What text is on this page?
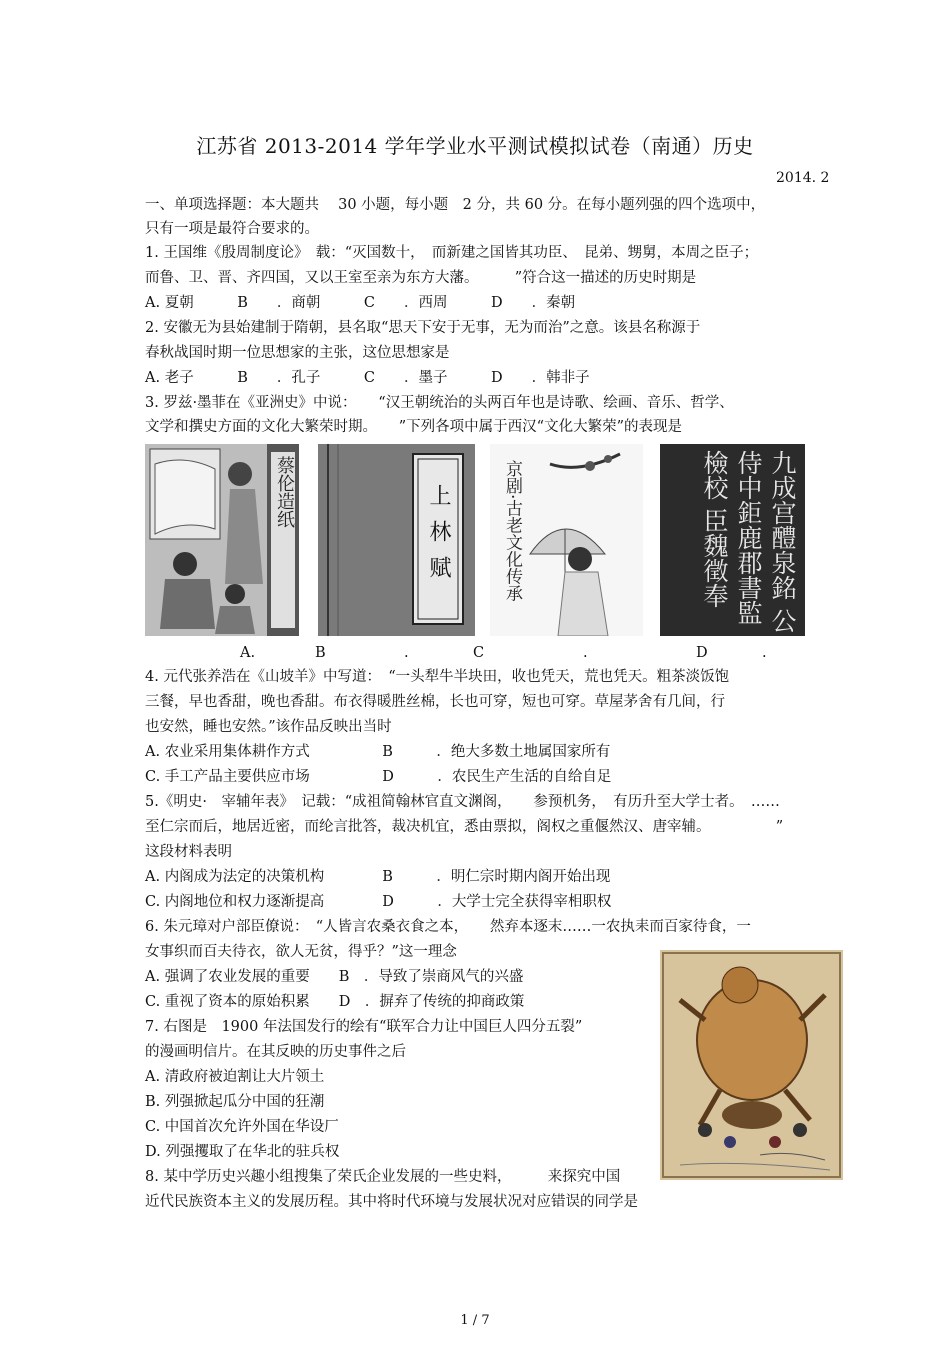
江苏省 2013-2014 学年学业水平测试模拟试卷（南通）历史
2014. 2
一、单项选择题：本大题共　 30 小题，每小题　2 分，共 60 分。在每小题列强的四个选项中，
只有一项是最符合要求的。
1. 王国维《殷周制度论》　载：“灭国数十，　而新建之国皆其功臣、　昆弟、甥舅，本周之臣子；
而鲁、卫、晋、齐四国，又以王室至亲为东方大藩。　　　”符合这一描述的历史时期是
A. 夏朝　　　B　　．商朝　　　C　　．西周　　　D　　．秦朝
2. 安徽无为县始建制于隋朝，县名取“思天下安于无事，无为而治”之意。该县名称源于
春秋战国时期一位思想家的主张，这位思想家是
A. 老子　　　B　　．孔子　　　C　　．墨子　　　D　　．韩非子
3. 罗兹·墨菲在《亚洲史》中说：　　“汉王朝统治的头两百年也是诗歌、绘画、音乐、哲学、
文学和撰史方面的文化大繁荣时期。　　”下列各项中属于西汉“文化大繁荣”的表现是
蔡伦造纸	上林赋	京剧·古老文化传承	九成宫醴泉銘 公侍中鉅鹿郡書監檢校 臣魏徵奉
A.	B	.	C	.	D	.
4. 元代张养浩在《山坡羊》中写道：　“一头犁牛半块田，收也凭天，荒也凭天。粗茶淡饭饱
三餐，早也香甜，晚也香甜。布衣得暖胜丝棉，长也可穿，短也可穿。草屋茅舍有几间，行
也安然，睡也安然。”该作品反映出当时
A. 农业采用集体耕作方式　　　　　B　　　．绝大多数土地属国家所有
C. 手工产品主要供应市场　　　　　D　　　．农民生产生活的自给自足
5.《明史·　宰辅年表》　记载：“成祖简翰林官直文渊阁，　　参预机务，　有历升至大学士者。　……
至仁宗而后，地居近密，而纶言批答，裁决机宜，悉由票拟，阁权之重偃然汉、唐宰辅。　　　　　”
这段材料表明
A. 内阁成为法定的决策机构　　　　B　　　．明仁宗时期内阁开始出现
C. 内阁地位和权力逐渐提高　　　　D　　　．大学士完全获得宰相职权
6. 朱元璋对户部臣僚说：　“人皆言农桑衣食之本，　　然弃本逐末……一农执耒而百家待食，一
女事织而百夫待衣，欲人无贫，得乎？”这一理念
A. 强调了农业发展的重要　　B　．导致了崇商风气的兴盛
C. 重视了资本的原始积累　　D　．摒弃了传统的抑商政策
7. 右图是　1900 年法国发行的绘有“联军合力让中国巨人四分五裂”
的漫画明信片。在其反映的历史事件之后
A. 清政府被迫割让大片领土
B. 列强掀起瓜分中国的狂潮
C. 中国首次允许外国在华设厂
D. 列强攫取了在华北的驻兵权
8. 某中学历史兴趣小组搜集了荣氏企业发展的一些史料，　　　来探究中国
近代民族资本主义的发展历程。其中将时代环境与发展状况对应错误的同学是
1 / 7
